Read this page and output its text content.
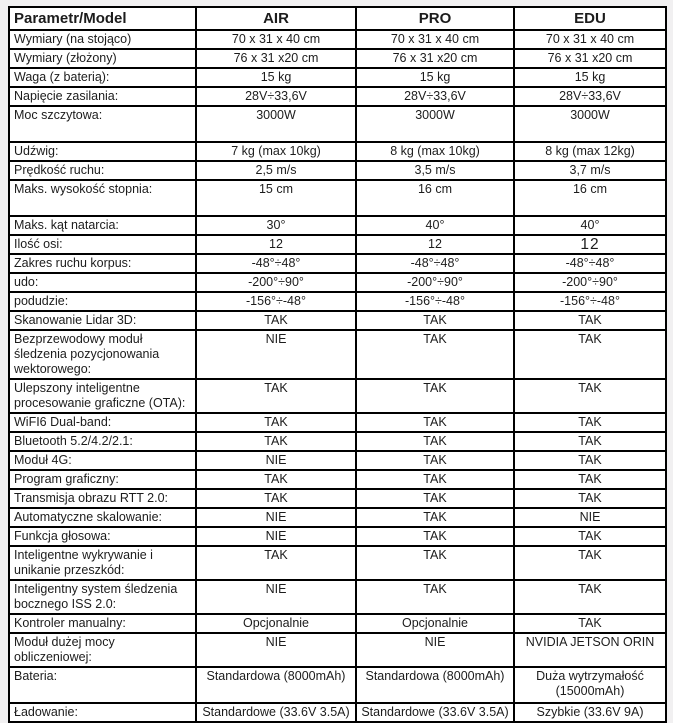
Parametr/Model	AIR	PRO	EDU
Wymiary (na stojąco)	70 x 31 x 40 cm	70 x 31 x 40 cm	70 x 31 x 40 cm
Wymiary (złożony)	76 x 31 x20 cm	76 x 31 x20 cm	76 x 31 x20 cm
Waga (z baterią):	15 kg	15 kg	15 kg
Napięcie zasilania:	28V÷33,6V	28V÷33,6V	28V÷33,6V
Moc szczytowa:	3000W	3000W	3000W
Udźwig:	7 kg (max 10kg)	8 kg (max 10kg)	8 kg (max 12kg)
Prędkość ruchu:	2,5 m/s	3,5 m/s	3,7 m/s
Maks. wysokość stopnia:	15 cm	16 cm	16 cm
Maks. kąt natarcia:	30°	40°	40°
Ilość osi:	12	12	12
Zakres ruchu korpus:	-48°÷48°	-48°÷48°	-48°÷48°
udo:	-200°÷90°	-200°÷90°	-200°÷90°
podudzie:	-156°÷-48°	-156°÷-48°	-156°÷-48°
Skanowanie Lidar 3D:	TAK	TAK	TAK
Bezprzewodowy moduł śledzenia pozycjonowania wektorowego:	NIE	TAK	TAK
Ulepszony inteligentne procesowanie graficzne (OTA):	TAK	TAK	TAK
WiFI6 Dual-band:	TAK	TAK	TAK
Bluetooth 5.2/4.2/2.1:	TAK	TAK	TAK
Moduł 4G:	NIE	TAK	TAK
Program graficzny:	TAK	TAK	TAK
Transmisja obrazu RTT 2.0:	TAK	TAK	TAK
Automatyczne skalowanie:	NIE	TAK	NIE
Funkcja głosowa:	NIE	TAK	TAK
Inteligentne wykrywanie i unikanie przeszkód:	TAK	TAK	TAK
Inteligentny system śledzenia bocznego ISS 2.0:	NIE	TAK	TAK
Kontroler manualny:	Opcjonalnie	Opcjonalnie	TAK
Moduł dużej mocy obliczeniowej:	NIE	NIE	NVIDIA JETSON ORIN
Bateria:	Standardowa (8000mAh)	Standardowa (8000mAh)	Duża wytrzymałość (15000mAh)
Ładowanie:	Standardowe (33.6V 3.5A)	Standardowe (33.6V 3.5A)	Szybkie (33.6V 9A)
